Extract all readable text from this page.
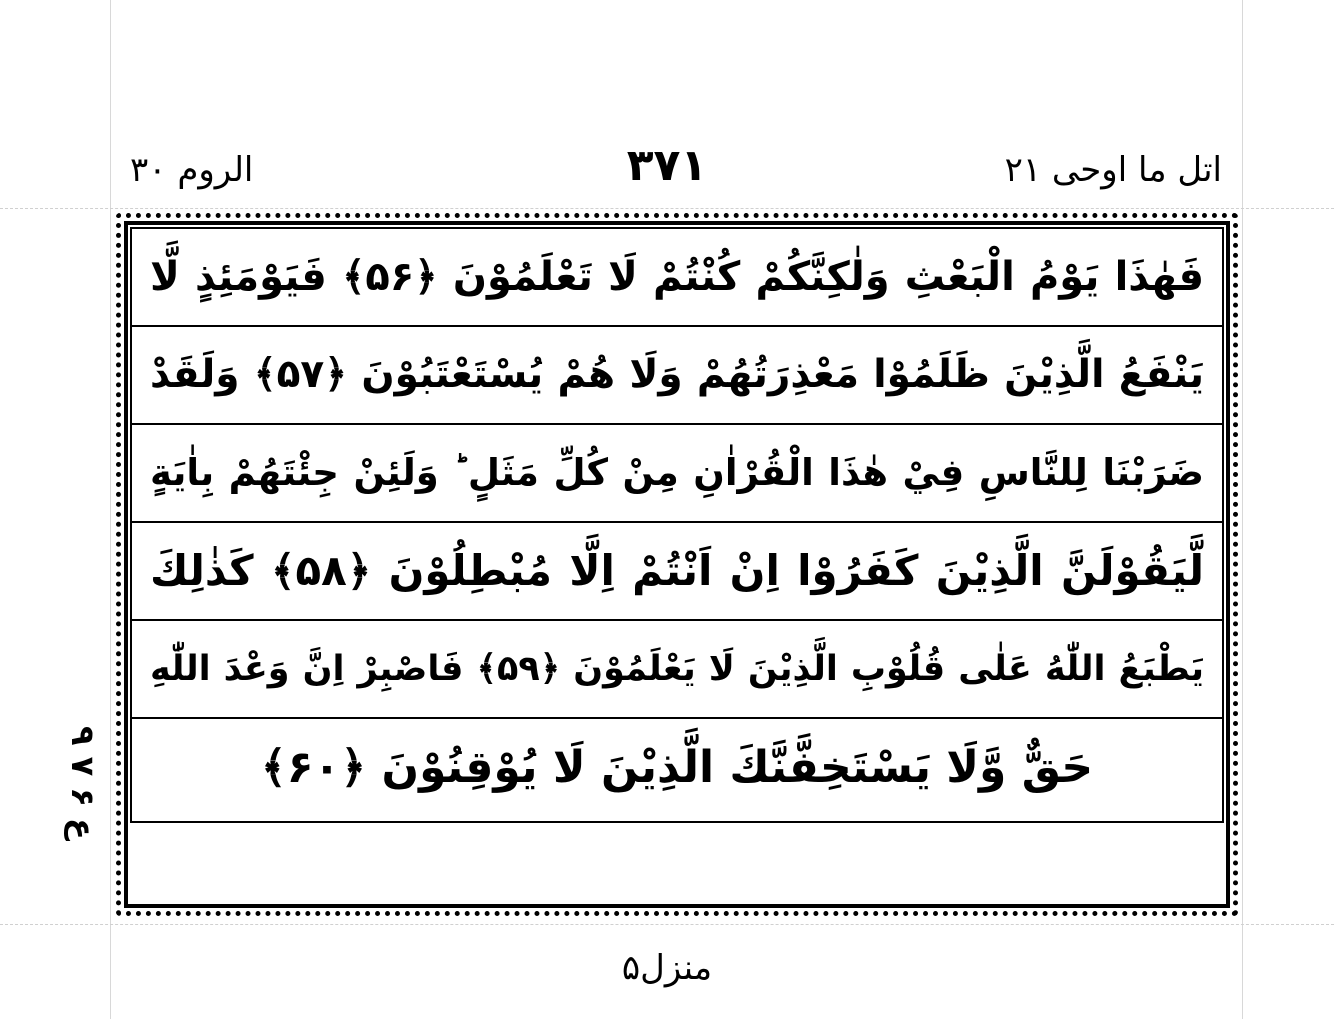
اتل ما اوحی ۲۱
۳۷۱
الروم ۳۰
فَهٰذَا يَوْمُ الْبَعْثِ وَلٰكِنَّكُمْ كُنْتُمْ لَا تَعْلَمُوْنَ ﴿۵۶﴾ فَيَوْمَئِذٍ لَّا
يَنْفَعُ الَّذِيْنَ ظَلَمُوْا مَعْذِرَتُهُمْ وَلَا هُمْ يُسْتَعْتَبُوْنَ ﴿۵۷﴾ وَلَقَدْ
ضَرَبْنَا لِلنَّاسِ فِيْ هٰذَا الْقُرْاٰنِ مِنْ كُلِّ مَثَلٍ ؕ وَلَئِنْ جِئْتَهُمْ بِاٰيَةٍ
لَّيَقُوْلَنَّ الَّذِيْنَ كَفَرُوْا اِنْ اَنْتُمْ اِلَّا مُبْطِلُوْنَ ﴿۵۸﴾ كَذٰلِكَ
يَطْبَعُ اللّٰهُ عَلٰى قُلُوْبِ الَّذِيْنَ لَا يَعْلَمُوْنَ ﴿۵۹﴾ فَاصْبِرْ اِنَّ وَعْدَ اللّٰهِ
حَقٌّ وَّلَا يَسْتَخِفَّنَّكَ الَّذِيْنَ لَا يُوْقِنُوْنَ ﴿۶۰﴾
ع ۶ ۷ ۹
منزل۵
